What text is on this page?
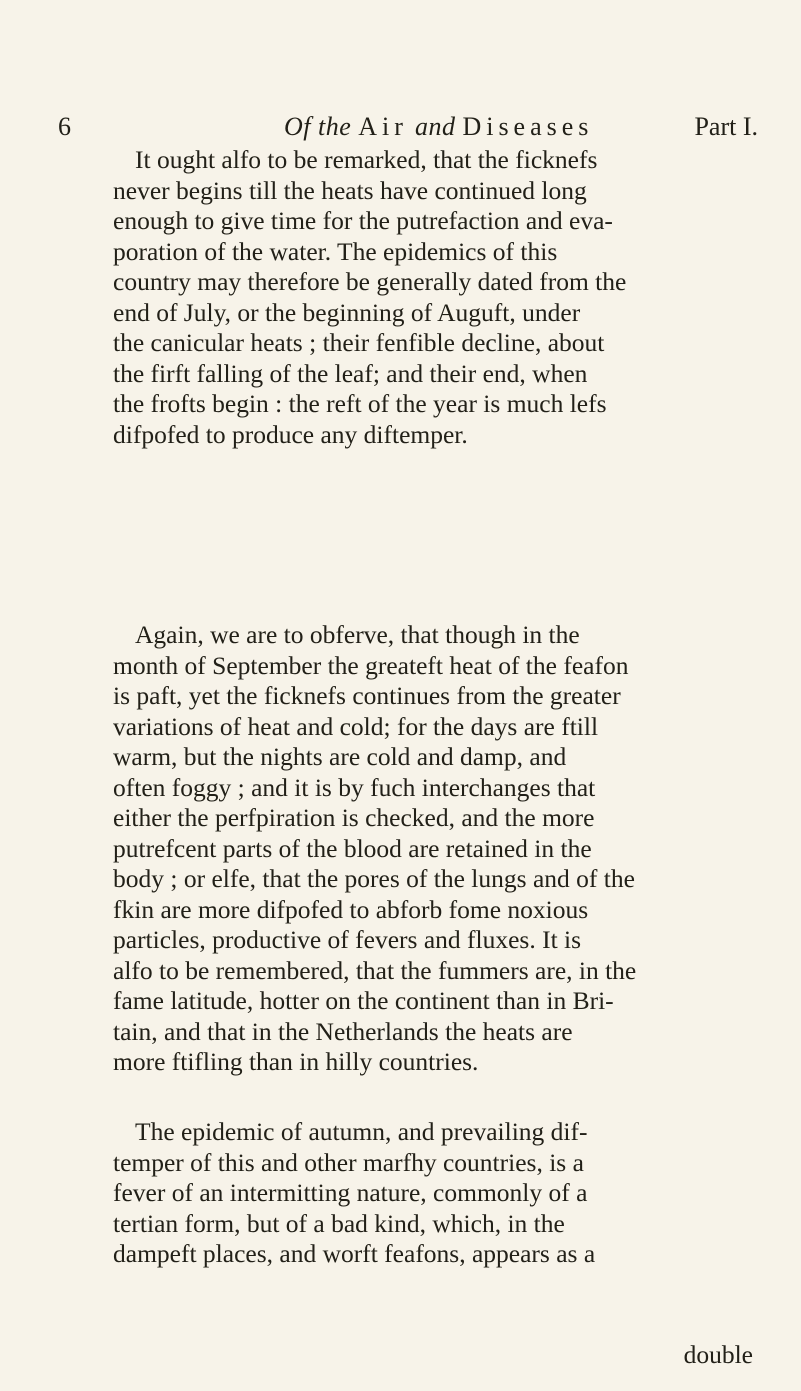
6	Of the Air and Diseases	Part I.
It ought alfo to be remarked, that the ficknefs
never begins till the heats have continued long
enough to give time for the putrefaction and eva-
poration of the water. The epidemics of this
country may therefore be generally dated from the
end of July, or the beginning of Auguft, under
the canicular heats ; their fenfible decline, about
the firft falling of the leaf; and their end, when
the frofts begin : the reft of the year is much lefs
difpofed to produce any diftemper.
Again, we are to obferve, that though in the
month of September the greateft heat of the feafon
is paft, yet the ficknefs continues from the greater
variations of heat and cold; for the days are ftill
warm, but the nights are cold and damp, and
often foggy ; and it is by fuch interchanges that
either the perfpiration is checked, and the more
putrefcent parts of the blood are retained in the
body ; or elfe, that the pores of the lungs and of the
fkin are more difpofed to abforb fome noxious
particles, productive of fevers and fluxes. It is
alfo to be remembered, that the fummers are, in the
fame latitude, hotter on the continent than in Bri-
tain, and that in the Netherlands the heats are
more ftifling than in hilly countries.
The epidemic of autumn, and prevailing dif-
temper of this and other marfhy countries, is a
fever of an intermitting nature, commonly of a
tertian form, but of a bad kind, which, in the
dampeft places, and worft feafons, appears as a
double
